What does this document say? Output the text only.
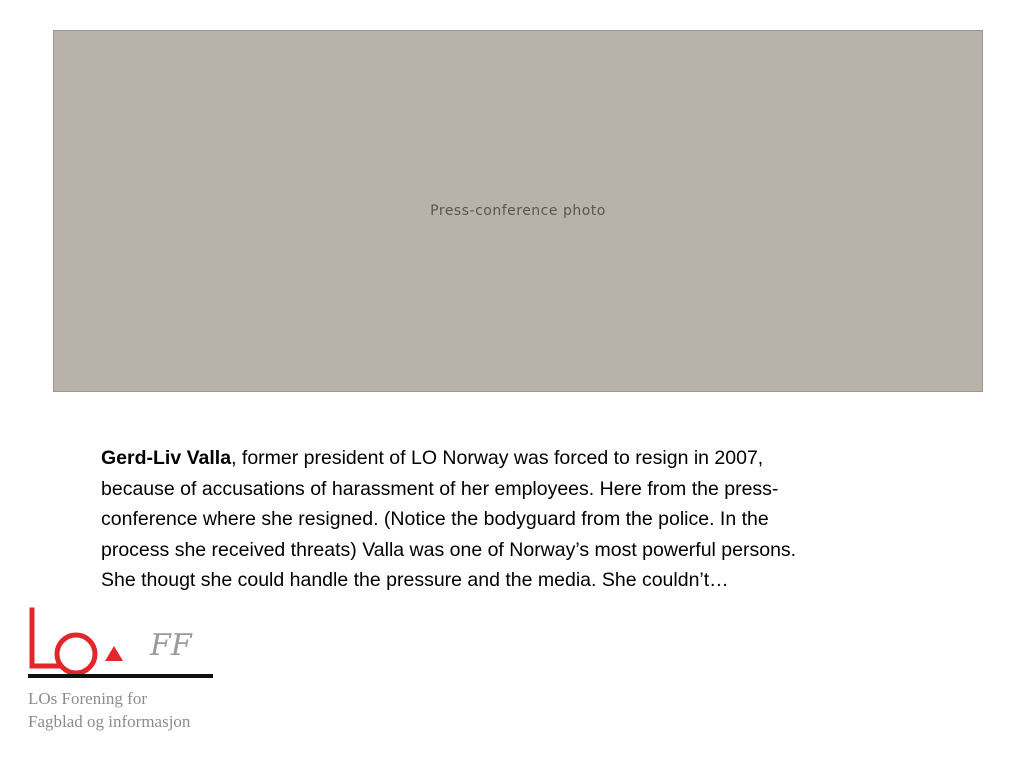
Press-conference photo

Gerd-Liv Valla, former president of LO Norway was forced to resign in 2007,
because of accusations of harassment of her employees. Here from the press-
conference where she resigned. (Notice the bodyguard from the police. In the
process she received threats) Valla was one of Norway’s most powerful persons.
She thougt she could handle the pressure and the media. She couldn’t…

FF
LOs Forening for
Fagblad og informasjon
